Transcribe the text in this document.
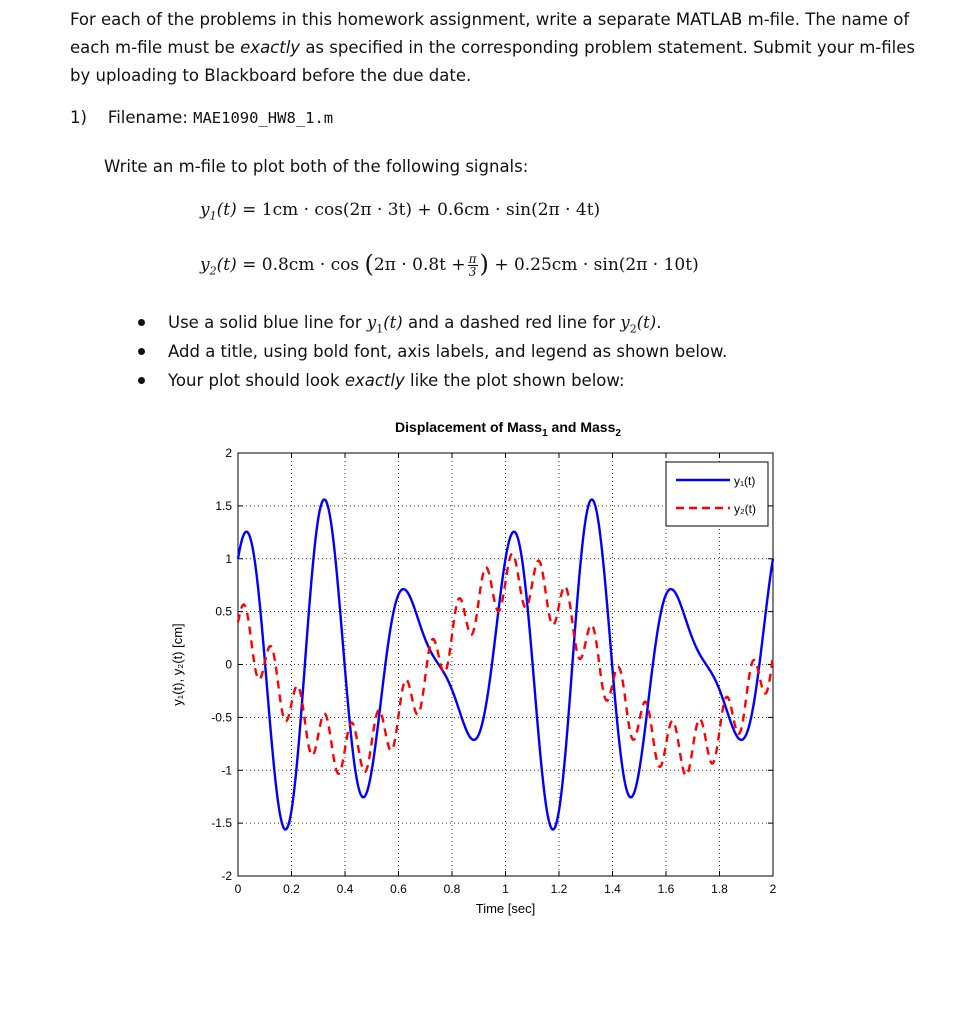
For each of the problems in this homework assignment, write a separate MATLAB m-file. The name of each m-file must be exactly as specified in the corresponding problem statement. Submit your m-files by uploading to Blackboard before the due date.
1) Filename: MAE1090_HW8_1.m
Write an m-file to plot both of the following signals:
$y_1(t) = 1cm \cdot \cos(2\pi \cdot 3t) + 0.6cm \cdot \sin(2\pi \cdot 4t)$
$y_2(t) = 0.8cm \cdot \cos (2\pi \cdot 0.8t + \frac{\pi}{3}$ ) + 0.25cm · sin(2π · 10t)
Use a solid blue line for $y_1(t)$ and a dashed red line for $y_2(t)$.
Add a title, using bold font, axis labels, and legend as shown below.
Your plot should look exactly like the plot shown below:
Displacement of Mass$_1$ and Mass$_2$
0	0.2	0.4	0.6	0.8	1	1.2	1.4	1.6	1.8	2
-2
-1.5
-1
-0.5
0
0.5
1
1.5
2
y₁(t)
y₂(t)
Time [sec]
y₁(t), y₂(t) [cm]
